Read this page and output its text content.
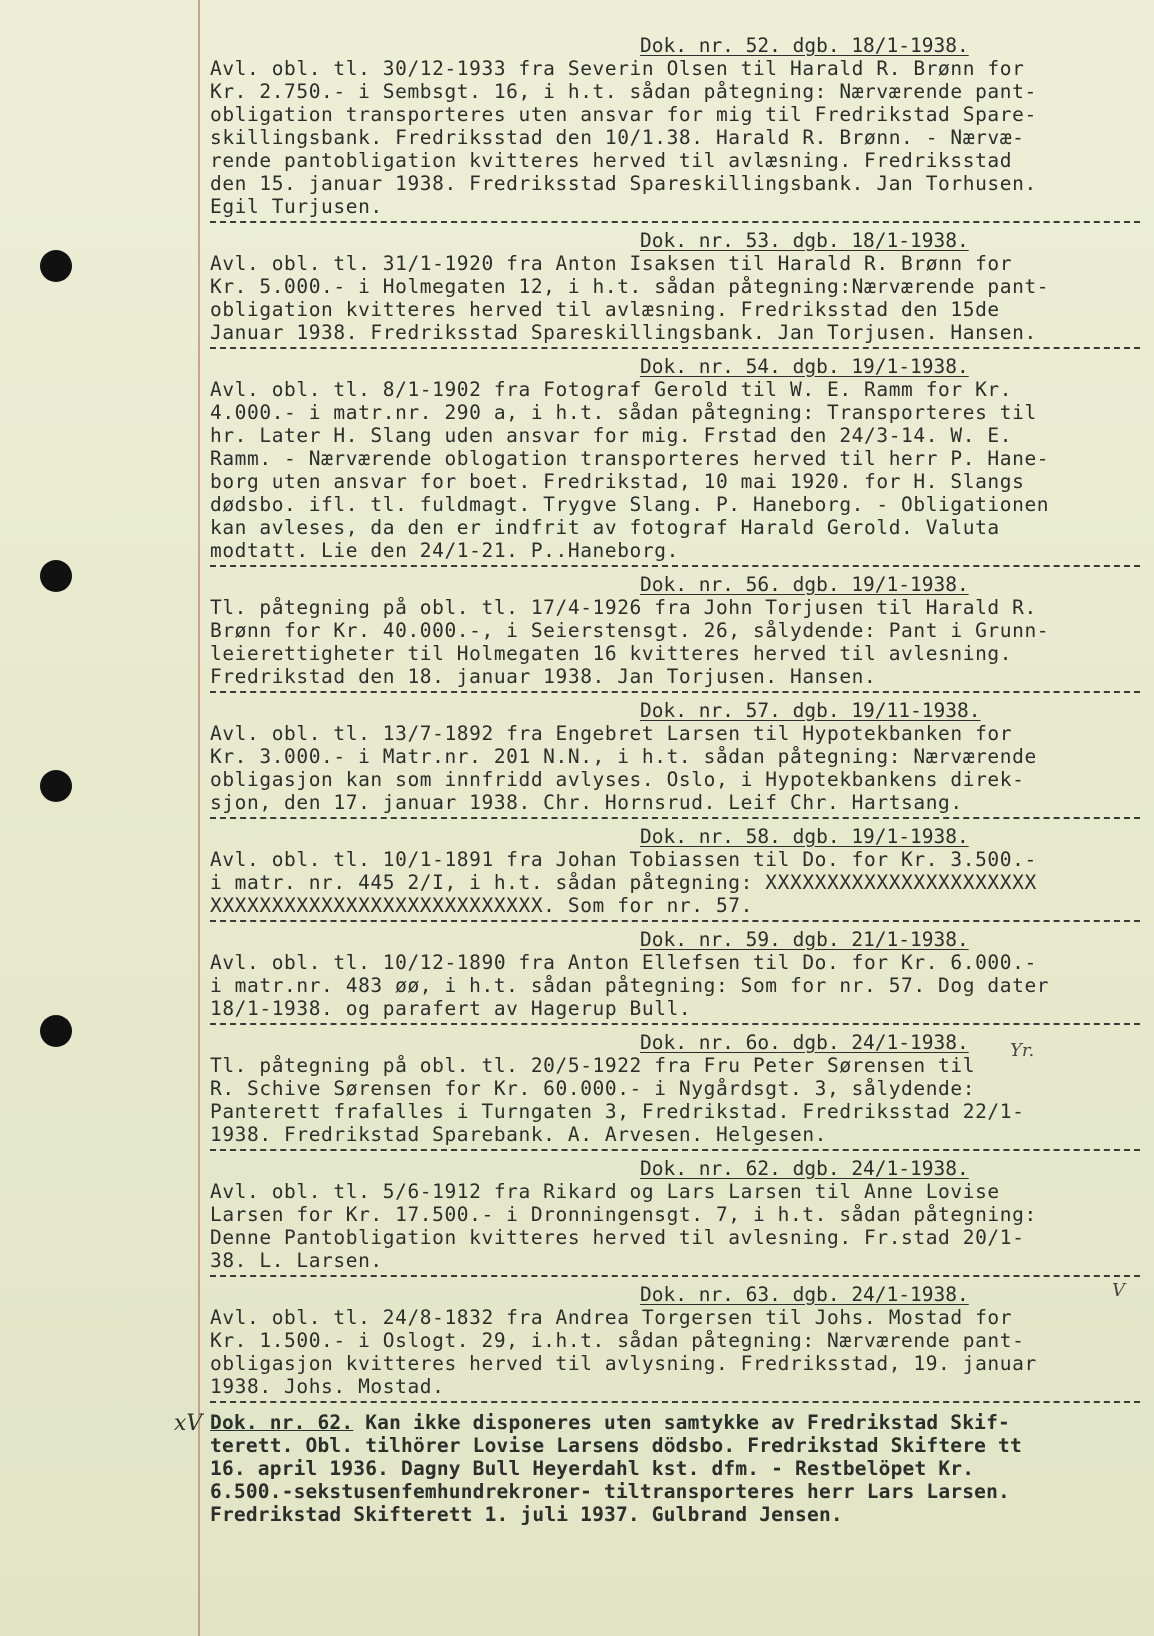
Yr.
V
Dok. nr. 52. dgb. 18/1-1938.
Avl. obl. tl. 30/12-1933 fra Severin Olsen til Harald R. Brønn for
Kr. 2.750.- i Sembsgt. 16, i h.t. sådan påtegning: Nærværende pant-
obligation transporteres uten ansvar for mig til Fredrikstad Spare-
skillingsbank. Fredriksstad den 10/1.38. Harald R. Brønn. - Nærvæ-
rende pantobligation kvitteres herved til avlæsning. Fredriksstad
den 15. januar 1938. Fredriksstad Spareskillingsbank. Jan Torhusen.
Egil Turjusen.
Dok. nr. 53. dgb. 18/1-1938.
Avl. obl. tl. 31/1-1920 fra Anton Isaksen til Harald R. Brønn for
Kr. 5.000.- i Holmegaten 12, i h.t. sådan påtegning:Nærværende pant-
obligation kvitteres herved til avlæsning. Fredriksstad den 15de
Januar 1938. Fredriksstad Spareskillingsbank. Jan Torjusen. Hansen.
Dok. nr. 54. dgb. 19/1-1938.
Avl. obl. tl. 8/1-1902 fra Fotograf Gerold til W. E. Ramm for Kr.
4.000.- i matr.nr. 290 a, i h.t. sådan påtegning: Transporteres til
hr. Later H. Slang uden ansvar for mig. Frstad den 24/3-14. W. E.
Ramm. - Nærværende oblogation transporteres herved til herr P. Hane-
borg uten ansvar for boet. Fredrikstad, 10 mai 1920. for H. Slangs
dødsbo. ifl. tl. fuldmagt. Trygve Slang. P. Haneborg. - Obligationen
kan avleses, da den er indfrit av fotograf Harald Gerold. Valuta
modtatt. Lie den 24/1-21. P..Haneborg.
Dok. nr. 56. dgb. 19/1-1938.
Tl. påtegning på obl. tl. 17/4-1926 fra John Torjusen til Harald R.
Brønn for Kr. 40.000.-, i Seierstensgt. 26, sålydende: Pant i Grunn-
leierettigheter til Holmegaten 16 kvitteres herved til avlesning.
Fredrikstad den 18. januar 1938. Jan Torjusen. Hansen.
Dok. nr. 57. dgb. 19/11-1938.
Avl. obl. tl. 13/7-1892 fra Engebret Larsen til Hypotekbanken for
Kr. 3.000.- i Matr.nr. 201 N.N., i h.t. sådan påtegning: Nærværende
obligasjon kan som innfridd avlyses. Oslo, i Hypotekbankens direk-
sjon, den 17. januar 1938. Chr. Hornsrud. Leif Chr. Hartsang.
Dok. nr. 58. dgb. 19/1-1938.
Avl. obl. tl. 10/1-1891 fra Johan Tobiassen til Do. for Kr. 3.500.-
i matr. nr. 445 2/I, i h.t. sådan påtegning: XXXXXXXXXXXXXXXXXXXXXX
XXXXXXXXXXXXXXXXXXXXXXXXXXX. Som for nr. 57.
Dok. nr. 59. dgb. 21/1-1938.
Avl. obl. tl. 10/12-1890 fra Anton Ellefsen til Do. for Kr. 6.000.-
i matr.nr. 483 øø, i h.t. sådan påtegning: Som for nr. 57. Dog dater
18/1-1938. og parafert av Hagerup Bull.
Dok. nr. 6o. dgb. 24/1-1938.
Tl. påtegning på obl. tl. 20/5-1922 fra Fru Peter Sørensen til
R. Schive Sørensen for Kr. 60.000.- i Nygårdsgt. 3, sålydende:
Panterett frafalles i Turngaten 3, Fredrikstad. Fredriksstad 22/1-
1938. Fredrikstad Sparebank. A. Arvesen. Helgesen.
Dok. nr. 62. dgb. 24/1-1938.
Avl. obl. tl. 5/6-1912 fra Rikard og Lars Larsen til Anne Lovise
Larsen for Kr. 17.500.- i Dronningensgt. 7, i h.t. sådan påtegning:
Denne Pantobligation kvitteres herved til avlesning. Fr.stad 20/1-
38. L. Larsen.
Dok. nr. 63. dgb. 24/1-1938.
Avl. obl. tl. 24/8-1832 fra Andrea Torgersen til Johs. Mostad for
Kr. 1.500.- i Oslogt. 29, i.h.t. sådan påtegning: Nærværende pant-
obligasjon kvitteres herved til avlysning. Fredriksstad, 19. januar
1938. Johs. Mostad.
xV Dok. nr. 62. Kan ikke disponeres uten samtykke av Fredrikstad Skif-
terett. Obl. tilhörer Lovise Larsens dödsbo. Fredrikstad Skiftere tt
16. april 1936. Dagny Bull Heyerdahl kst. dfm. - Restbelöpet Kr.
6.500.-sekstusenfemhundrekroner- tiltransporteres herr Lars Larsen.
Fredrikstad Skifterett 1. juli 1937. Gulbrand Jensen.
